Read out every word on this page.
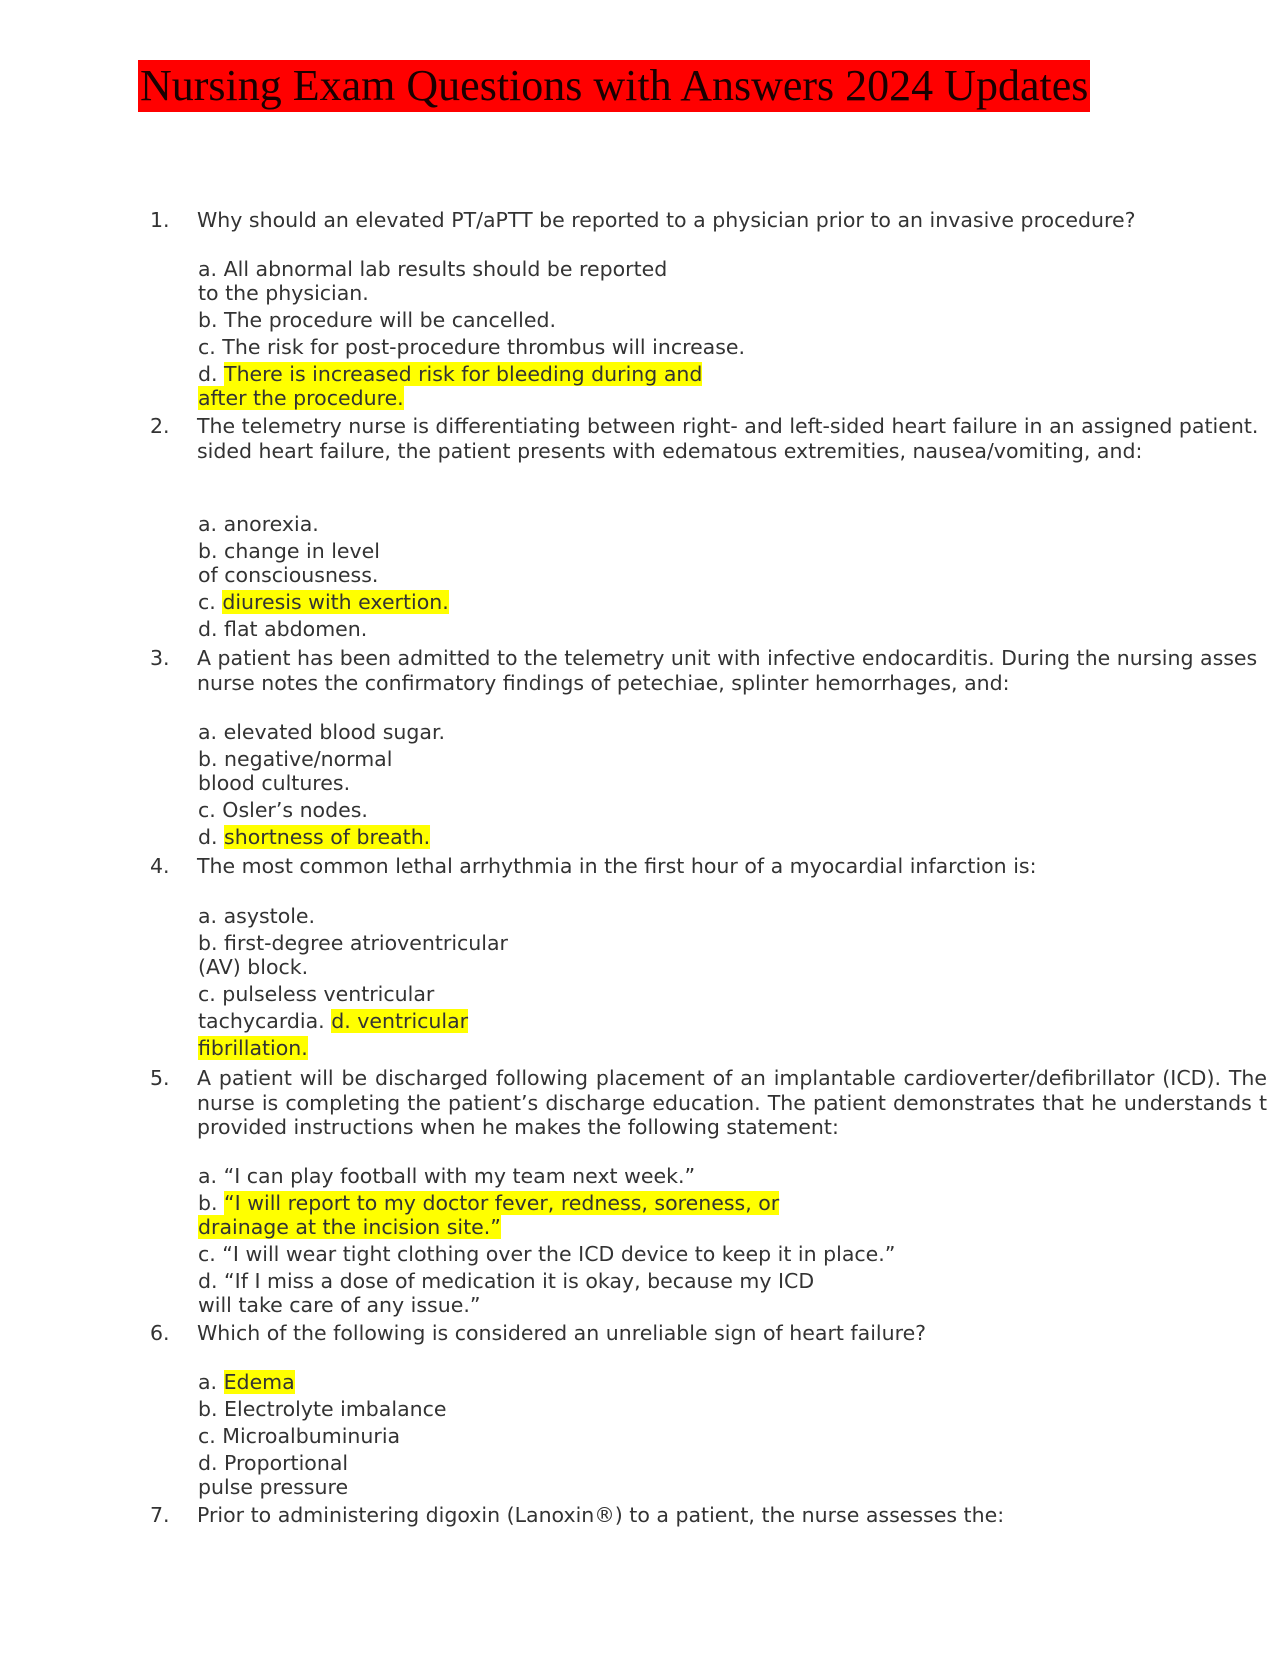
Nursing Exam Questions with Answers 2024 Updates
1. Why should an elevated PT/aPTT be reported to a physician prior to an invasive procedure?
a. All abnormal lab results should be reported
to the physician.
b. The procedure will be cancelled.
c. The risk for post-procedure thrombus will increase.
d. There is increased risk for bleeding during and
after the procedure.
2. The telemetry nurse is differentiating between right- and left-sided heart failure in an assigned patient. sided heart failure, the patient presents with edematous extremities, nausea/vomiting, and:
a. anorexia.
b. change in level
of consciousness.
c. diuresis with exertion.
d. flat abdomen.
3. A patient has been admitted to the telemetry unit with infective endocarditis. During the nursing asses nurse notes the confirmatory findings of petechiae, splinter hemorrhages, and:
a. elevated blood sugar.
b. negative/normal
blood cultures.
c. Osler’s nodes.
d. shortness of breath.
4. The most common lethal arrhythmia in the first hour of a myocardial infarction is:
a. asystole.
b. first-degree atrioventricular
(AV) block.
c. pulseless ventricular
tachycardia. d. ventricular
fibrillation.
5. A patient will be discharged following placement of an implantable cardioverter/defibrillator (ICD). The nurse is completing the patient’s discharge education. The patient demonstrates that he understands t provided instructions when he makes the following statement:
a. “I can play football with my team next week.”
b. “I will report to my doctor fever, redness, soreness, or
drainage at the incision site.”
c. “I will wear tight clothing over the ICD device to keep it in place.”
d. “If I miss a dose of medication it is okay, because my ICD
will take care of any issue.”
6. Which of the following is considered an unreliable sign of heart failure?
a. Edema
b. Electrolyte imbalance
c. Microalbuminuria
d. Proportional
pulse pressure
7. Prior to administering digoxin (Lanoxin®) to a patient, the nurse assesses the:
